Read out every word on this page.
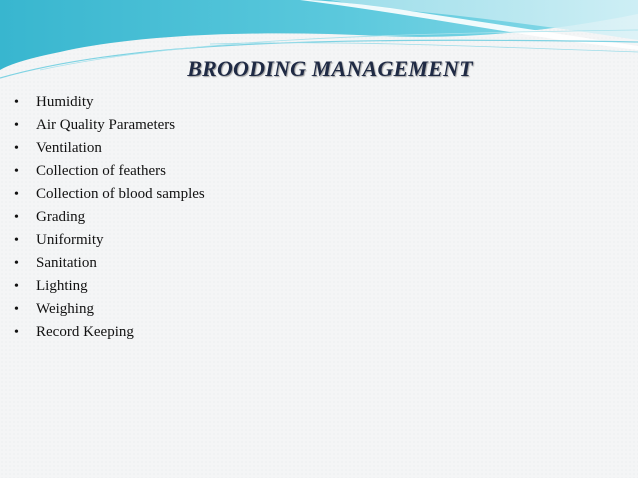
BROODING MANAGEMENT
•	Humidity
•	Air Quality Parameters
•	Ventilation
•	Collection of feathers
•	Collection of blood samples
•	Grading
•	Uniformity
•	Sanitation
•	Lighting
•	Weighing
•	Record Keeping
